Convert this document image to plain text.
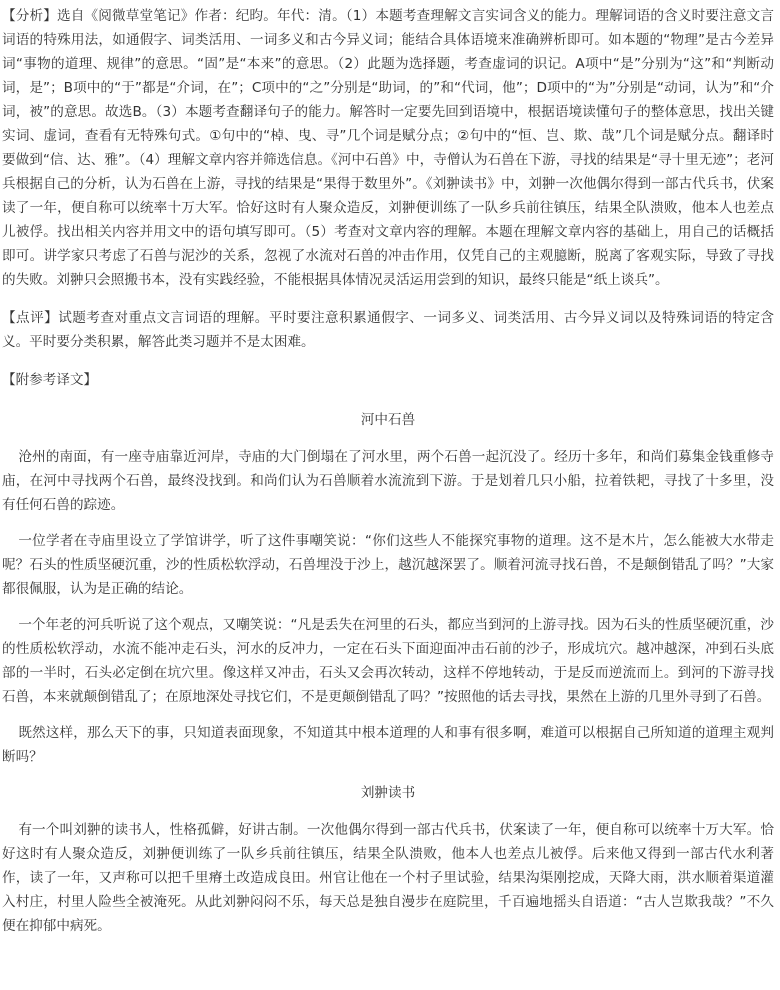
【分析】选自《阅微草堂笔记》作者：纪昀。年代：清。（1）本题考查理解文言实词含义的能力。理解词语的含义时要注意文言词语的特殊用法，如通假字、词类活用、一词多义和古今异义词；能结合具体语境来准确辨析即可。如本题的“物理”是古今差异词“事物的道理、规律”的意思。“固”是“本来”的意思。（2）此题为选择题，考查虚词的识记。A项中“是”分别为“这”和“判断动词，是”；B项中的“于”都是“介词，在”；C项中的“之”分别是“助词，的”和“代词，他”；D项中的“为”分别是“动词，认为”和“介词，被”的意思。故选B。（3）本题考查翻译句子的能力。解答时一定要先回到语境中，根据语境读懂句子的整体意思，找出关键实词、虚词，查看有无特殊句式。①句中的“棹、曳、寻”几个词是赋分点；②句中的“恒、岂、欺、哉”几个词是赋分点。翻译时要做到“信、达、雅”。（4）理解文章内容并筛选信息。《河中石兽》中，寺僧认为石兽在下游，寻找的结果是“寻十里无迹”；老河兵根据自己的分析，认为石兽在上游，寻找的结果是“果得于数里外”。《刘翀读书》中，刘翀一次他偶尔得到一部古代兵书，伏案读了一年，便自称可以统率十万大军。恰好这时有人聚众造反，刘翀便训练了一队乡兵前往镇压，结果全队溃败，他本人也差点儿被俘。找出相关内容并用文中的语句填写即可。（5）考查对文章内容的理解。本题在理解文章内容的基础上，用自己的话概括即可。讲学家只考虑了石兽与泥沙的关系，忽视了水流对石兽的冲击作用，仅凭自己的主观臆断，脱离了客观实际，导致了寻找的失败。刘翀只会照搬书本，没有实践经验，不能根据具体情况灵活运用尝到的知识，最终只能是“纸上谈兵”。

【点评】试题考查对重点文言词语的理解。平时要注意积累通假字、一词多义、词类活用、古今异义词以及特殊词语的特定含义。平时要分类积累，解答此类习题并不是太困难。

【附参考译文】

河中石兽

沧州的南面，有一座寺庙靠近河岸，寺庙的大门倒塌在了河水里，两个石兽一起沉没了。经历十多年，和尚们募集金钱重修寺庙，在河中寻找两个石兽，最终没找到。和尚们认为石兽顺着水流流到下游。于是划着几只小船，拉着铁耙，寻找了十多里，没有任何石兽的踪迹。

一位学者在寺庙里设立了学馆讲学，听了这件事嘲笑说：“你们这些人不能探究事物的道理。这不是木片，怎么能被大水带走呢？石头的性质坚硬沉重，沙的性质松软浮动，石兽埋没于沙上，越沉越深罢了。顺着河流寻找石兽，不是颠倒错乱了吗？”大家都很佩服，认为是正确的结论。

一个年老的河兵听说了这个观点，又嘲笑说：“凡是丢失在河里的石头，都应当到河的上游寻找。因为石头的性质坚硬沉重，沙的性质松软浮动，水流不能冲走石头，河水的反冲力，一定在石头下面迎面冲击石前的沙子，形成坑穴。越冲越深，冲到石头底部的一半时，石头必定倒在坑穴里。像这样又冲击，石头又会再次转动，这样不停地转动，于是反而逆流而上。到河的下游寻找石兽，本来就颠倒错乱了；在原地深处寻找它们，不是更颠倒错乱了吗？”按照他的话去寻找，果然在上游的几里外寻到了石兽。

既然这样，那么天下的事，只知道表面现象，不知道其中根本道理的人和事有很多啊，难道可以根据自己所知道的道理主观判断吗？

刘翀读书

有一个叫刘翀的读书人，性格孤僻，好讲古制。一次他偶尔得到一部古代兵书，伏案读了一年，便自称可以统率十万大军。恰好这时有人聚众造反，刘翀便训练了一队乡兵前往镇压，结果全队溃败，他本人也差点儿被俘。后来他又得到一部古代水利著作，读了一年，又声称可以把千里瘠土改造成良田。州官让他在一个村子里试验，结果沟渠刚挖成，天降大雨，洪水顺着渠道灌入村庄，村里人险些全被淹死。从此刘翀闷闷不乐，每天总是独自漫步在庭院里，千百遍地摇头自语道：“古人岂欺我哉？”不久便在抑郁中病死。
